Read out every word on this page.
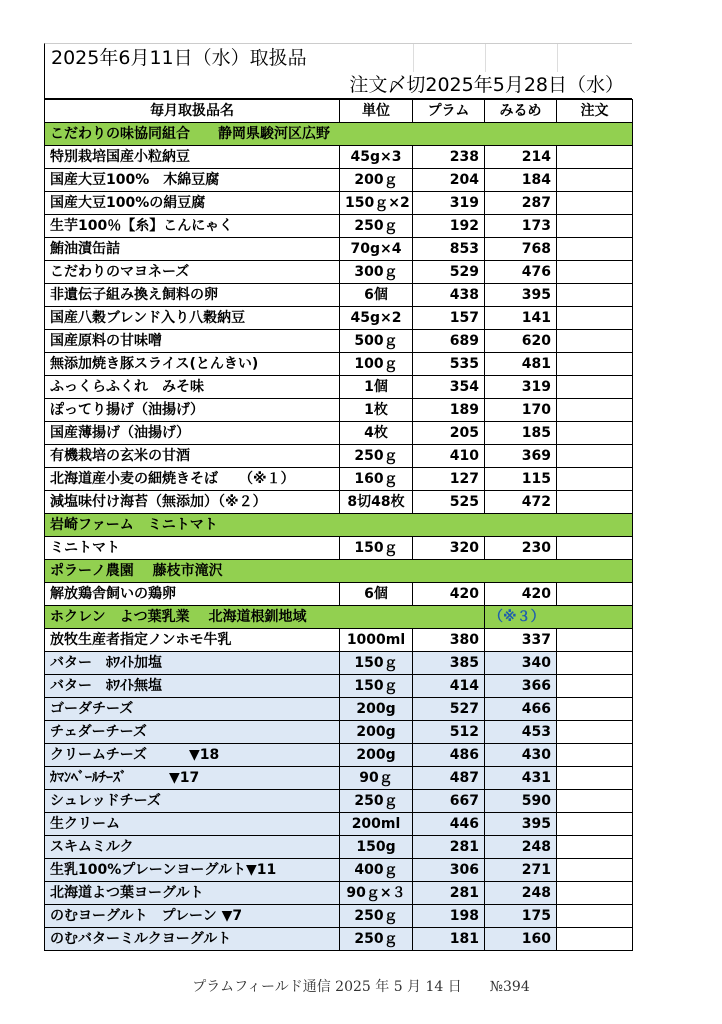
2025年6月11日（水）取扱品
注文〆切2025年5月28日（水）
毎月取扱品名	単位	プラム	みるめ	注文
こだわりの味協同組合　　静岡県駿河区広野				
特別栽培国産小粒納豆	45g×3	238	214	
国産大豆100%　木綿豆腐	200ｇ	204	184	
国産大豆100%の絹豆腐	150ｇ×2	319	287	
生芋100％【糸】こんにゃく	250ｇ	192	173	
鮪油漬缶詰	70g×4	853	768	
こだわりのマヨネーズ	300ｇ	529	476	
非遺伝子組み換え飼料の卵	6個	438	395	
国産八穀ブレンド入り八穀納豆	45g×2	157	141	
国産原料の甘味噌	500ｇ	689	620	
無添加焼き豚スライス(とんきい)	100ｇ	535	481	
ふっくらふくれ　みそ味	1個	354	319	
ぽってり揚げ（油揚げ）	1枚	189	170	
国産薄揚げ（油揚げ）	4枚	205	185	
有機栽培の玄米の甘酒	250ｇ	410	369	
北海道産小麦の細焼きそば　　（※１）	160ｇ	127	115	
減塩味付け海苔（無添加）（※２）	8切48枚	525	472	
岩崎ファーム　ミニトマト				
ミニトマト	150ｇ	320	230	
ポラーノ農園　 藤枝市滝沢				
解放鶏舎飼いの鶏卵	6個	420	420	
ホクレン　よつ葉乳業　 北海道根釧地域			（※３）	
放牧生産者指定ノンホモ牛乳	1000ml	380	337	
バター　ﾎﾜｲﾄ加塩	150ｇ	385	340	
バター　ﾎﾜｲﾄ無塩	150ｇ	414	366	
ゴーダチーズ	200g	527	466	
チェダーチーズ	200g	512	453	
クリームチーズ　　　▼18	200g	486	430	
ｶﾏﾝﾍﾞｰﾙﾁｰｽﾞ　　　▼17	90ｇ	487	431	
シュレッドチーズ	250ｇ	667	590	
生クリーム	200ml	446	395	
スキムミルク	150g	281	248	
生乳100%プレーンヨーグルト▼11	400ｇ	306	271	
北海道よつ葉ヨーグルト	90ｇ×３	281	248	
のむヨーグルト　プレーン ▼7	250ｇ	198	175	
のむバターミルクヨーグルト	250ｇ	181	160	
プラムフィールド通信 2025 年 5 月 14 日　　№394
